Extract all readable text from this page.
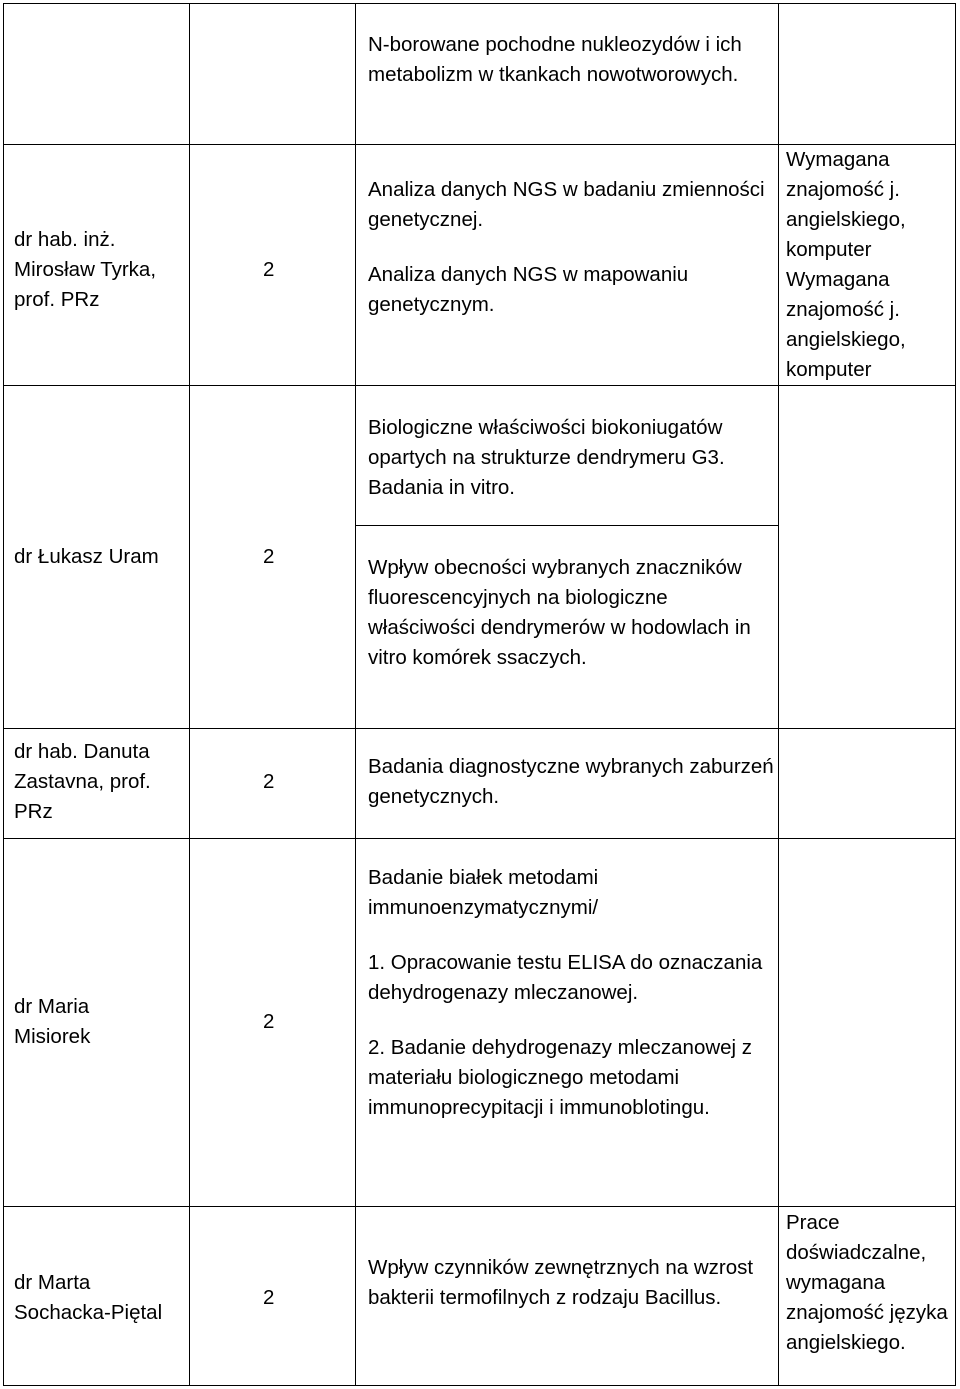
N-borowane pochodne nukleozydów i ich metabolizm w tkankach nowotworowych.

dr hab. inż. Mirosław Tyrka, prof. PRz
2

Analiza danych NGS w badaniu zmienności genetycznej.

Analiza danych NGS w mapowaniu genetycznym.

Wymagana znajomość j. angielskiego, komputer

Wymagana znajomość j. angielskiego, komputer

dr Łukasz Uram	2

Biologiczne właściwości biokoniugatów opartych na strukturze dendrymeru G3. Badania in vitro.

Wpływ obecności wybranych znaczników fluorescencyjnych na biologiczne właściwości dendrymerów w hodowlach in vitro komórek ssaczych.

dr hab. Danuta Zastavna, prof. PRz
2

Badania diagnostyczne wybranych zaburzeń genetycznych.

dr Maria Misiorek
2

Badanie białek metodami immunoenzymatycznymi/

1. Opracowanie testu ELISA do oznaczania dehydrogenazy mleczanowej.

2. Badanie dehydrogenazy mleczanowej z materiału biologicznego metodami immunoprecypitacji i immunoblotingu.

dr Marta Sochacka-Piętal
2

Wpływ czynników zewnętrznych na wzrost bakterii termofilnych z rodzaju Bacillus.

Prace doświadczalne, wymagana znajomość języka angielskiego.
